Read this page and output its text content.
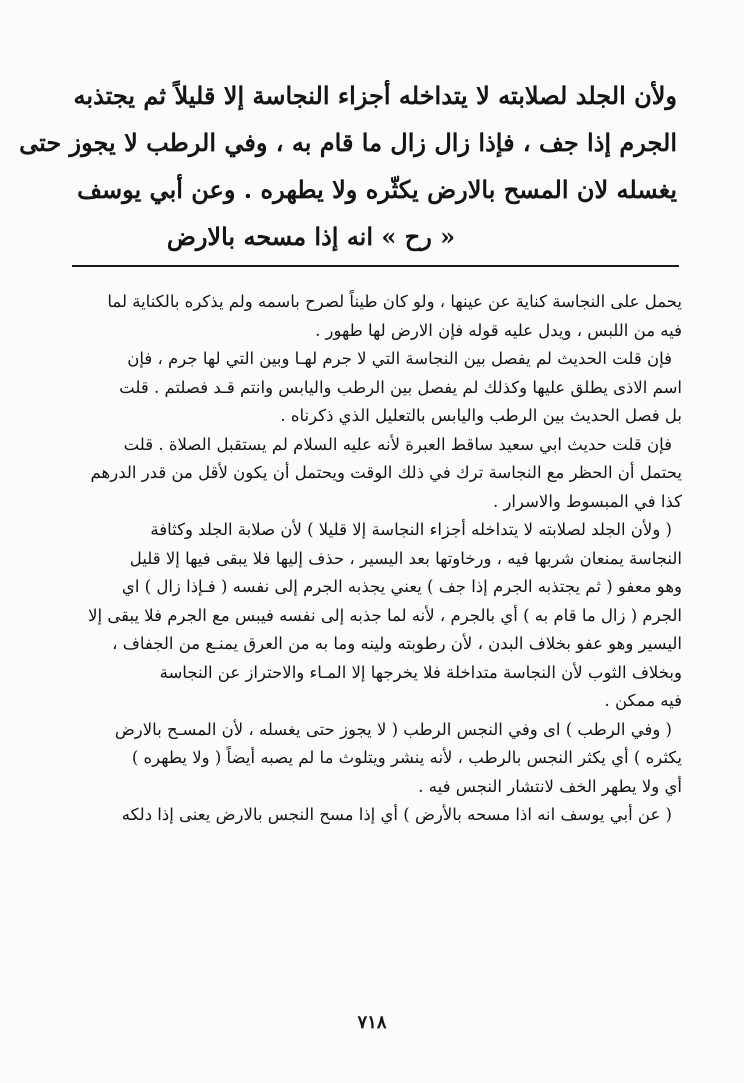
ولأن الجلد لصلابته لا يتداخله أجزاء النجاسة إلا قليلاً ثم يجتذبه
الجرم إذا جف ، فإذا زال زال ما قام به ، وفي الرطب لا يجوز حتى
يغسله لان المسح بالارض يكثّره ولا يطهره . وعن أبي يوسف
« رح » انه إذا مسحه بالارض
يحمل على النجاسة كناية عن عينها ، ولو كان طيناً لصرح باسمه ولم يذكره بالكناية لما
فيه من اللبس ، ويدل عليه قوله فإن الارض لها طهور .
فإن قلت الحديث لم يفصل بين النجاسة التي لا جرم لهـا وبين التي لها جرم ، فإن
اسم الاذى يطلق عليها وكذلك لم يفصل بين الرطب واليابس وانتم قـد فصلتم . قلت
بل فصل الحديث بين الرطب واليابس بالتعليل الذي ذكرناه .
فإن قلت حديث ابي سعيد ساقط العبرة لأنه عليه السلام لم يستقبل الصلاة . قلت
يحتمل أن الحظر مع النجاسة ترك في ذلك الوقت ويحتمل أن يكون لأقل من قدر الدرهم
كذا في المبسوط والاسرار .
( ولأن الجلد لصلابته لا يتداخله أجزاء النجاسة إلا قليلا ) لأن صلابة الجلد وكثافة
النجاسة يمنعان شربها فيه ، ورخاوتها بعد اليسير ، حذف إليها فلا يبقى فيها إلا قليل
وهو معفو ( ثم يجتذبه الجرم إذا جف ) يعني يجذبه الجرم إلى نفسه ( فـإذا زال ) اي
الجرم ( زال ما قام به ) أي بالجرم ، لأنه لما جذبه إلى نفسه فيبس مع الجرم فلا يبقى إلا
اليسير وهو عفو بخلاف البدن ، لأن رطوبته ولينه وما به من العرق يمنـع من الجفاف ،
وبخلاف الثوب لأن النجاسة متداخلة فلا يخرجها إلا المـاء والاحتراز عن النجاسة
فيه ممكن .
( وفي الرطب ) اى وفي النجس الرطب ( لا يجوز حتى يغسله ، لأن المسـح بالارض
يكثره ) أي يكثر النجس بالرطب ، لأنه ينشر ويتلوث ما لم يصبه أيضاً ( ولا يطهره )
أي ولا يطهر الخف لانتشار النجس فيه .
( عن أبي يوسف انه اذا مسحه بالأرض ) أي إذا مسح النجس بالارض يعنى إذا دلكه
٧١٨
